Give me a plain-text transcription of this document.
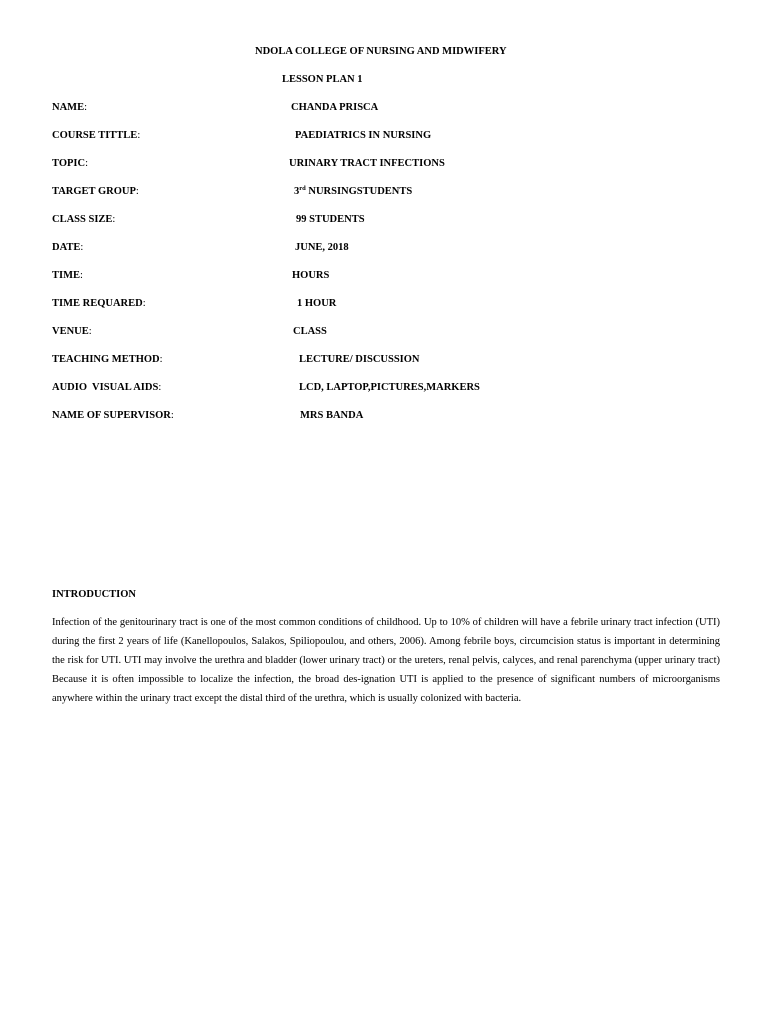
NDOLA COLLEGE OF NURSING AND MIDWIFERY
LESSON PLAN 1
NAME:	CHANDA PRISCA
COURSE TITTLE:	PAEDIATRICS IN NURSING
TOPIC:	URINARY TRACT INFECTIONS
TARGET GROUP:	3rd NURSINGSTUDENTS
CLASS SIZE:	99 STUDENTS
DATE:	JUNE, 2018
TIME:	HOURS
TIME REQUARED:	1 HOUR
VENUE:	CLASS
TEACHING METHOD:	LECTURE/ DISCUSSION
AUDIO  VISUAL AIDS:	LCD, LAPTOP,PICTURES,MARKERS
NAME OF SUPERVISOR:	MRS BANDA
INTRODUCTION
Infection of the genitourinary tract is one of the most common conditions of childhood. Up to 10% of children will have a febrile urinary tract infection (UTI) during the first 2 years of life (Kanellopoulos, Salakos, Spiliopoulou, and others, 2006). Among febrile boys, circumcision status is important in determining the risk for UTI. UTI may involve the urethra and bladder (lower urinary tract) or the ureters, renal pelvis, calyces, and renal parenchyma (upper urinary tract) Because it is often impossible to localize the infection, the broad des-ignation UTI is applied to the presence of significant numbers of microorganisms anywhere within the urinary tract except the distal third of the urethra, which is usually colonized with bacteria.
